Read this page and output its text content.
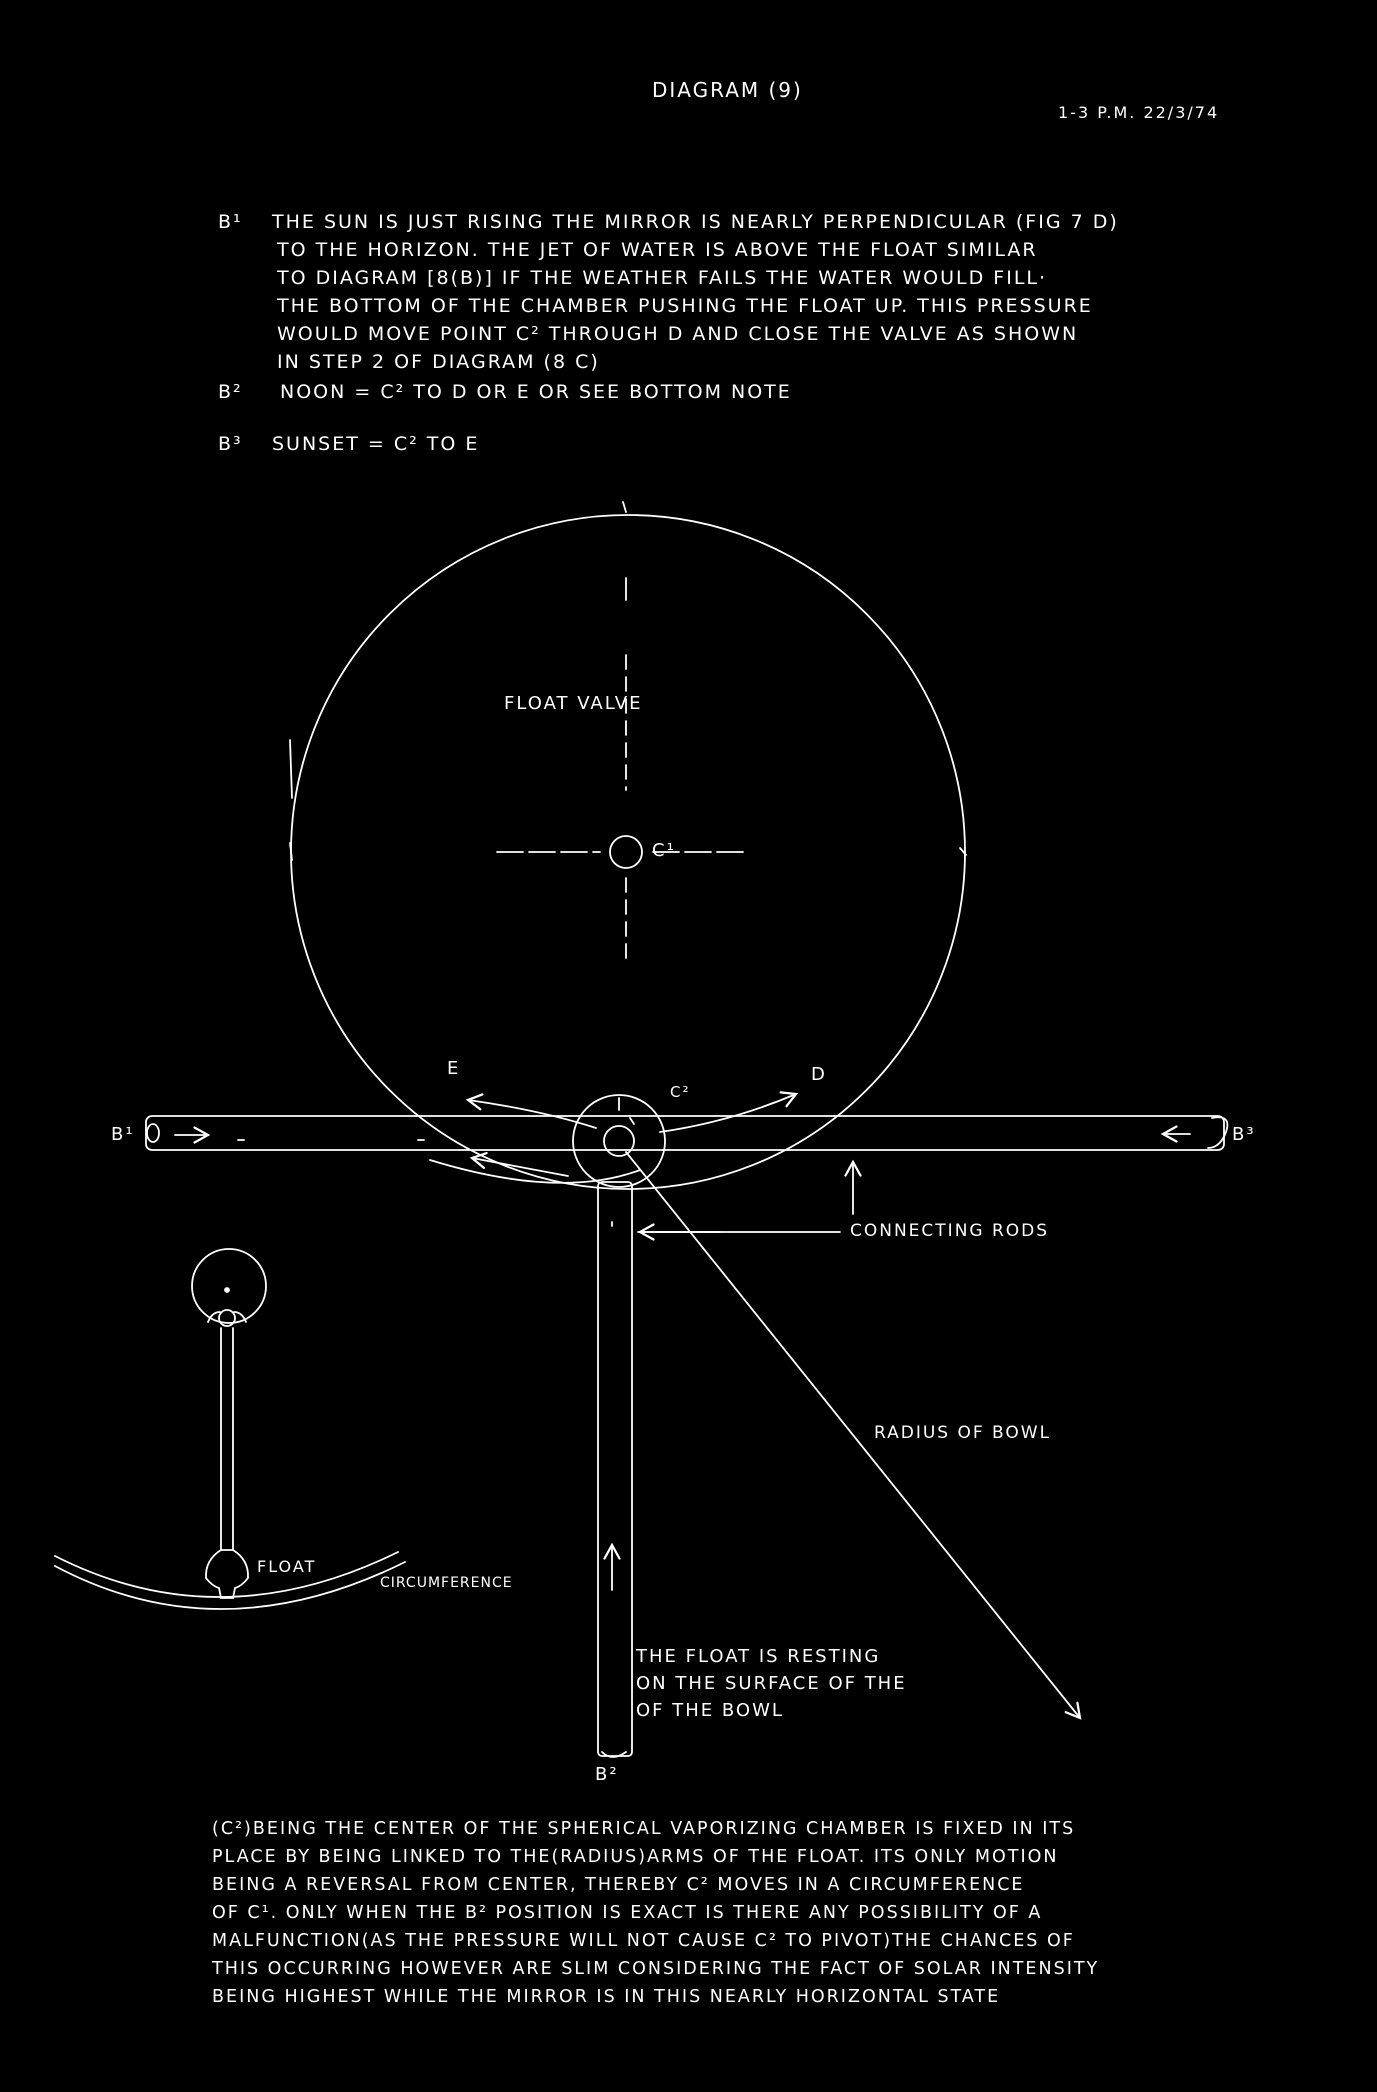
DIAGRAM (9)
1-3 P.M. 22/3/74
B¹ THE SUN IS JUST RISING THE MIRROR IS NEARLY PERPENDICULAR (FIG 7 D)
TO THE HORIZON. THE JET OF WATER IS ABOVE THE FLOAT SIMILAR
TO DIAGRAM [8(B)] IF THE WEATHER FAILS THE WATER WOULD FILL·
THE BOTTOM OF THE CHAMBER PUSHING THE FLOAT UP. THIS PRESSURE
WOULD MOVE POINT C² THROUGH D AND CLOSE THE VALVE AS SHOWN
IN STEP 2 OF DIAGRAM (8 C)
B² NOON = C² TO D OR E OR SEE BOTTOM NOTE
B³ SUNSET = C² TO E
FLOAT VALVE
C¹
C²
E	D
B¹	B³
CONNECTING RODS
RADIUS OF BOWL
FLOAT
CIRCUMFERENCE
B²
THE FLOAT IS RESTING
ON THE SURFACE OF THE
OF THE BOWL
(C²)BEING THE CENTER OF THE SPHERICAL VAPORIZING CHAMBER IS FIXED IN ITS
PLACE BY BEING LINKED TO THE(RADIUS)ARMS OF THE FLOAT. ITS ONLY MOTION
BEING A REVERSAL FROM CENTER, THEREBY C² MOVES IN A CIRCUMFERENCE
OF C¹. ONLY WHEN THE B² POSITION IS EXACT IS THERE ANY POSSIBILITY OF A
MALFUNCTION(AS THE PRESSURE WILL NOT CAUSE C² TO PIVOT)THE CHANCES OF
THIS OCCURRING HOWEVER ARE SLIM CONSIDERING THE FACT OF SOLAR INTENSITY
BEING HIGHEST WHILE THE MIRROR IS IN THIS NEARLY HORIZONTAL STATE
